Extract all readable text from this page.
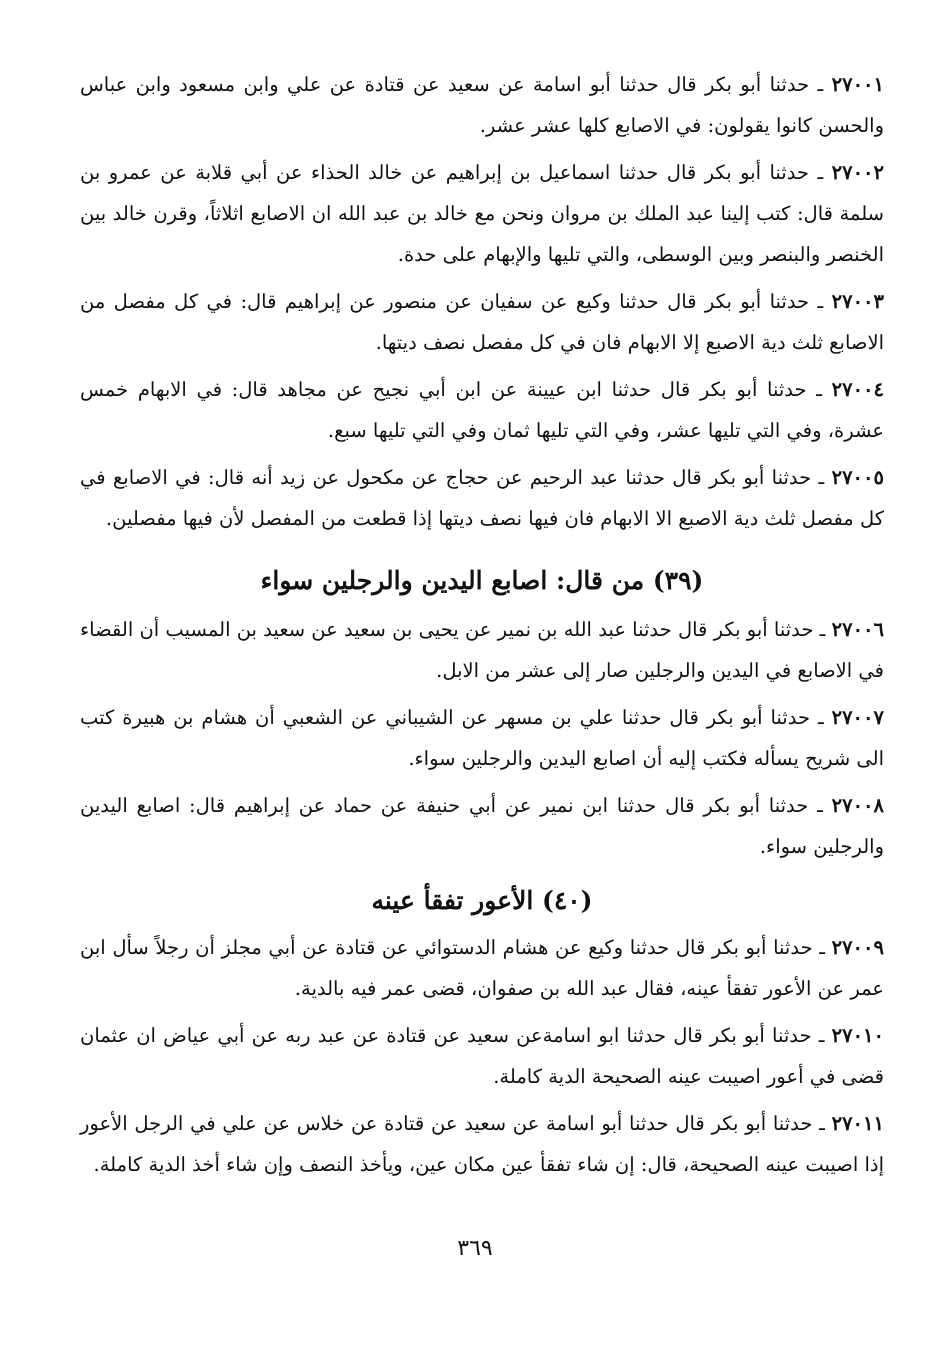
٢٧٠٠١ ـ حدثنا أبو بكر قال حدثنا أبو اسامة عن سعيد عن قتادة عن علي وابن مسعود وابن عباس والحسن كانوا يقولون: في الاصابع كلها عشر عشر.

٢٧٠٠٢ ـ حدثنا أبو بكر قال حدثنا اسماعيل بن إبراهيم عن خالد الحذاء عن أبي قلابة عن عمرو بن سلمة قال: كتب إلينا عبد الملك بن مروان ونحن مع خالد بن عبد الله ان الاصابع اثلاثاً، وقرن خالد بين الخنصر والبنصر وبين الوسطى، والتي تليها والإبهام على حدة.

٢٧٠٠٣ ـ حدثنا أبو بكر قال حدثنا وكيع عن سفيان عن منصور عن إبراهيم قال: في كل مفصل من الاصابع ثلث دية الاصبع إلا الابهام فان في كل مفصل نصف ديتها.

٢٧٠٠٤ ـ حدثنا أبو بكر قال حدثنا ابن عيينة عن ابن أبي نجيح عن مجاهد قال: في الابهام خمس عشرة، وفي التي تليها عشر، وفي التي تليها ثمان وفي التي تليها سبع.

٢٧٠٠٥ ـ حدثنا أبو بكر قال حدثنا عبد الرحيم عن حجاج عن مكحول عن زيد أنه قال: في الاصابع في كل مفصل ثلث دية الاصبع الا الابهام فان فيها نصف ديتها إذا قطعت من المفصل لأن فيها مفصلين.

(٣٩) من قال: اصابع اليدين والرجلين سواء

٢٧٠٠٦ ـ حدثنا أبو بكر قال حدثنا عبد الله بن نمير عن يحيى بن سعيد عن سعيد بن المسيب أن القضاء في الاصابع في اليدين والرجلين صار إلى عشر من الابل.

٢٧٠٠٧ ـ حدثنا أبو بكر قال حدثنا علي بن مسهر عن الشيباني عن الشعبي أن هشام بن هبيرة كتب الى شريح يسأله فكتب إليه أن اصابع اليدين والرجلين سواء.

٢٧٠٠٨ ـ حدثنا أبو بكر قال حدثنا ابن نمير عن أبي حنيفة عن حماد عن إبراهيم قال: اصابع اليدين والرجلين سواء.

(٤٠) الأعور تفقأ عينه

٢٧٠٠٩ ـ حدثنا أبو بكر قال حدثنا وكيع عن هشام الدستوائي عن قتادة عن أبي مجلز أن رجلاً سأل ابن عمر عن الأعور تفقأ عينه، فقال عبد الله بن صفوان، قضى عمر فيه بالدية.

٢٧٠١٠ ـ حدثنا أبو بكر قال حدثنا ابو اسامةعن سعيد عن قتادة عن عبد ربه عن أبي عياض ان عثمان قضى في أعور اصيبت عينه الصحيحة الدية كاملة.

٢٧٠١١ ـ حدثنا أبو بكر قال حدثنا أبو اسامة عن سعيد عن قتادة عن خلاس عن علي في الرجل الأعور إذا اصيبت عينه الصحيحة، قال: إن شاء تفقأ عين مكان عين، ويأخذ النصف وإن شاء أخذ الدية كاملة.

٣٦٩
